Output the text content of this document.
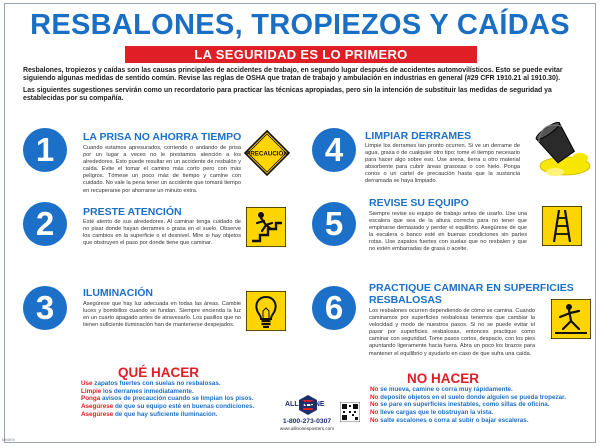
RESBALONES, TROPIEZOS Y CAÍDAS
LA SEGURIDAD ES LO PRIMERO

Resbalones, tropiezos y caídas son las causas principales de accidentes de trabajo, en segundo lugar después de accidentes automovilísticos. Esto se puede evitar siguiendo algunas medidas de sentido común. Revise las reglas de OSHA que tratan de trabajo y ambulación en industrias en general (#29 CFR 1910.21 al 1910.30).

Las siguientes sugestiones servirán como un recordatorio para practicar las técnicas apropiadas, pero sin la intención de substituir las medidas de seguridad ya establecidas por su compañía.

1	LA PRISA NO AHORRA TIEMPO
Cuando estamos apresurados, corriendo o andando de prisa por un lugar a veces no le prestamos atención a los alrededores. Esto puede resultar en un accidente de resbalón y caída. Evite el tomar el camino más corto pero con más peligros. Tómese un poco más de tiempo y camine con cuidado. No vale la pena tener un accidente que tomará tiempo en recuperarse por ahorrarse un minuto extra.
PRECAUCIÓN
2	PRESTE ATENCIÓN
Esté atento de sus alrededores. Al caminar tenga cuidado de no pisar donde hayan derrames o grasa en el suelo. Observe los cambios en la superficie o el desnivel. Mire si hay objetos que obstruyen el paso por donde tiene que caminar.
3	ILUMINACIÓN
Asegúrese que hay luz adecuada en todas las áreas. Cambie luces y bombillos cuando se fundan. Siempre encienda la luz en un cuarto apagado antes de atravesarlo. Los pasillos que no tienen suficiente iluminación han de mantenerse despejados.
4	LIMPIAR DERRAMES
Limpie los derrames tan pronto ocurren. Si ve un derrame de agua, grasa o de cualquier otro tipo; tome el tiempo necesario para hacer algo sobre eso. Use arena, tierra u otro material absorbente para cubrir áreas grasosas o con hielo. Ponga conos o un cartel de precaución hasta que la sustancia derramada se haya limpiado.
5
REVISE SU EQUIPO
Siempre revise su equipo de trabajo antes de usarlo. Use una escalera que sea de la altura correcta para no tener que empinarse demasiado y perder el equilibrio. Asegúrese de que la escalera o banco esté en buenas condiciones sin partes rotas. Use zapatos fuertes con suelas que no resbalen y que no estén embarradas de grasa o aceite.
6
PRACTIQUE CAMINAR EN SUPERFICIES
RESBALOSAS
Los resbalones ocurren dependiendo de cómo se camina. Cuando caminamos por superficies resbalosas tenemos que cambiar la velocidad y modo de nuestros pasos. Si no se puede evitar el pasar por superficies resbalosas, entonces practique como caminar con seguridad. Tome pasos cortos, despacio, con los pies apuntando ligeramente hacia fuera. Abra un poco los brazos para mantener el equilibrio y ayudarlo en caso de que sufra una caída.
QUÉ HACER
Use zapatos fuertes con suelas no resbalosas.
Limpie los derrames inmediatamente.
Ponga avisos de precaución cuando se limpian los pisos.
Asegúrese de que su equipo esté en buenas condiciones.
Asegúrese de que hay suficiente iluminación.
ALL IN ONE
1-800-273-0307
www.allinonesposters.com
NO HACER
No se mueva, camine o corra muy rápidamente.
No deposite objetos en el suelo donde alguien se pueda tropezar.
No se pare en superficies inestables, como sillas de oficina.
No lleve cargas que le obstruyan la vista.
No salte escalones o corra al subir o bajar escaleras.
MMXIV
